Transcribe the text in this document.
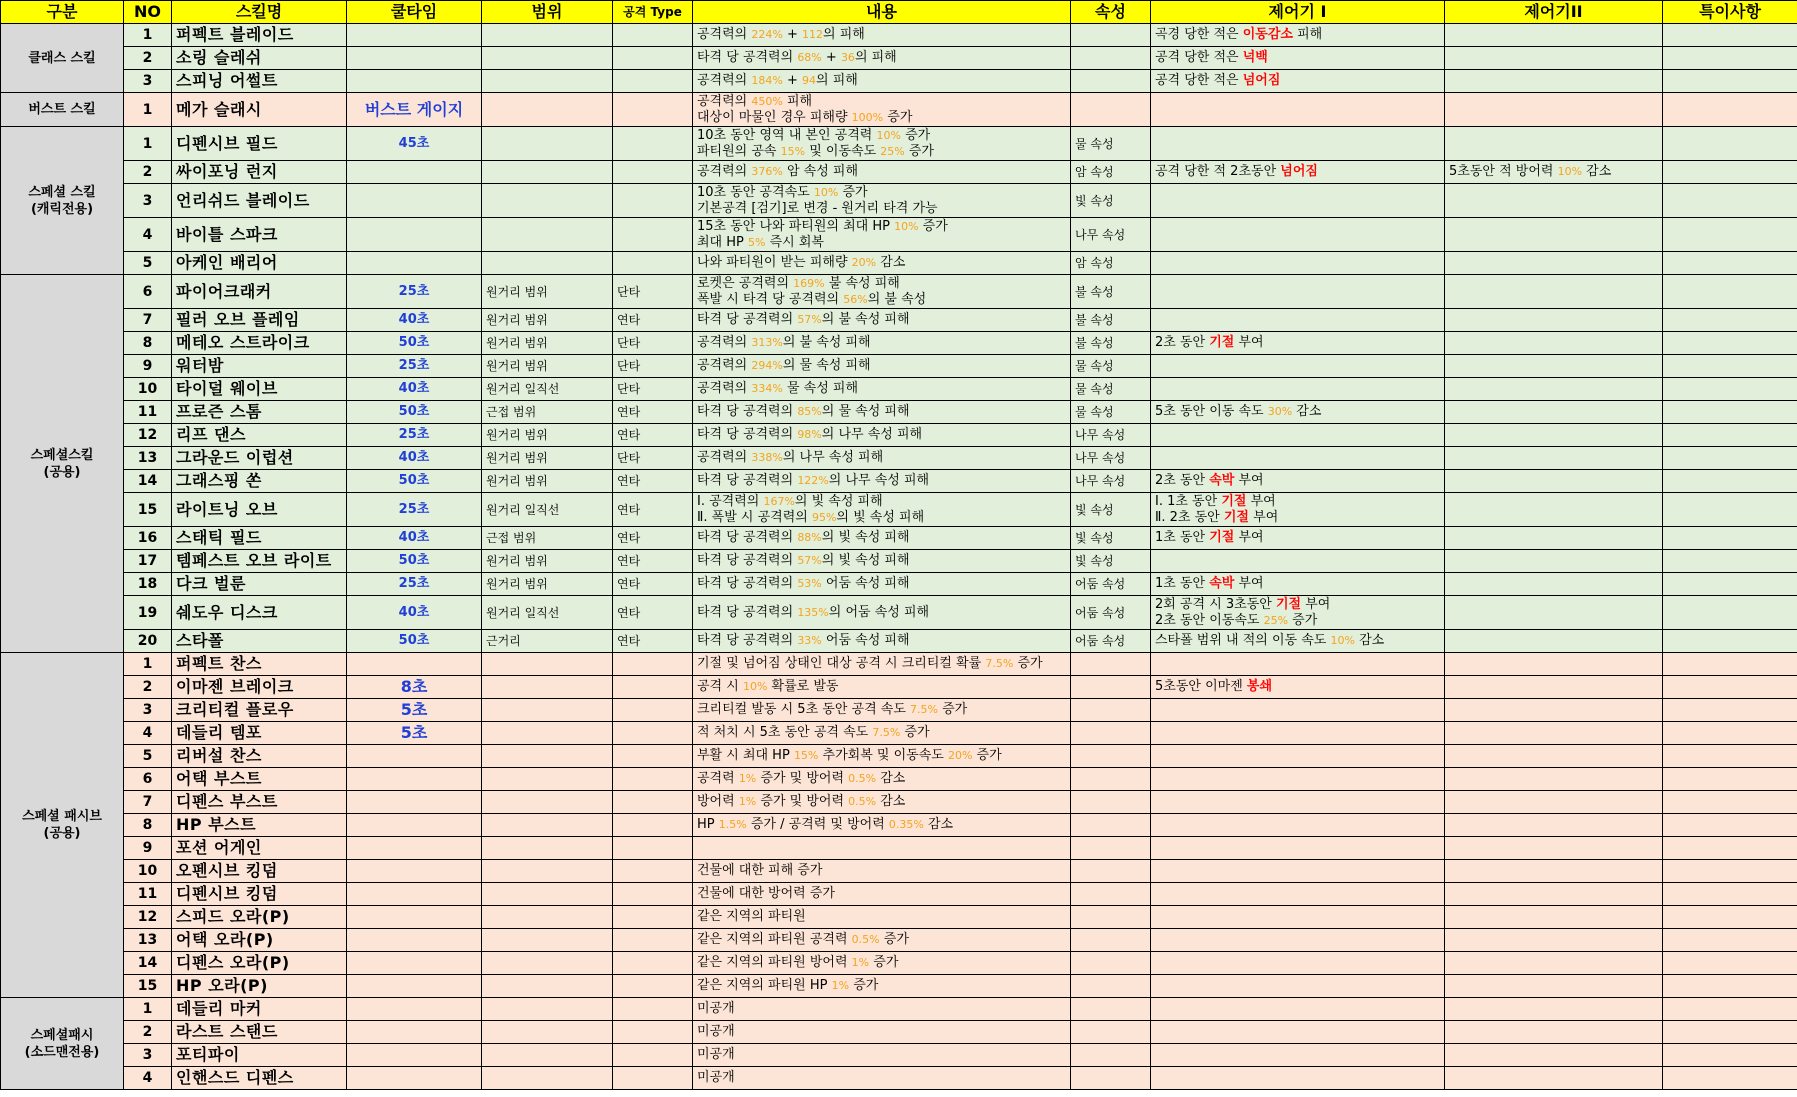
구분	NO	스킬명	쿨타임	범위	공격 Type	내용	속성	제어기 I	제어기II	특이사항
클래스 스킬	1	퍼펙트 블레이드				공격력의 224% + 112의 피해		곡경 당한 적은 이동감소 피해		

	2	소링 슬레쉬				타격 당 공격력의 68% + 36의 피해		공격 당한 적은 넉백		

	3	스피닝 어썰트				공격력의 184% + 94의 피해		공격 당한 적은 넘어짐		

버스트 스킬	1	메가 슬래시	버스트 게이지			공격력의 450% 피해
대상이 마물인 경우 피해량 100% 증가				

스페셜 스킬
(캐릭전용)	1	디펜시브 필드	45초			10초 동안 영역 내 본인 공격력 10% 증가
파티원의 공속 15% 및 이동속도 25% 증가	물 속성			
	2	싸이포닝 런지				공격력의 376% 암 속성 피해	암 속성	공격 당한 적 2초동안 넘어짐	5초동안 적 방어력 10% 감소	

	3	언리쉬드 블레이드				10초 동안 공격속도 10% 증가
기본공격 [검기]로 변경 - 원거리 타격 가능	빛 속성			
	4	바이틀 스파크				15초 동안 나와 파티원의 최대 HP 10% 증가
최대 HP 5% 즉시 회복	나무 속성			
	5	아케인 배리어				나와 파티원이 받는 피해량 20% 감소	암 속성			
스페셜스킬
(공용)	6	파이어크래커	25초	원거리 범위	단타	로켓은 공격력의 169% 불 속성 피해
폭발 시 타격 당 공격력의 56%의 불 속성	불 속성			
	7	필러 오브 플레임	40초	원거리 범위	연타	타격 당 공격력의 57%의 불 속성 피해	불 속성			
	8	메테오 스트라이크	50초	원거리 범위	단타	공격력의 313%의 불 속성 피해	불 속성	2초 동안 기절 부여		

	9	워터밤	25초	원거리 범위	단타	공격력의 294%의 물 속성 피해	물 속성			
	10	타이덜 웨이브	40초	원거리 일직선	단타	공격력의 334% 물 속성 피해	물 속성			
	11	프로즌 스톰	50초	근접 범위	연타	타격 당 공격력의 85%의 물 속성 피해	물 속성	5초 동안 이동 속도 30% 감소		

	12	리프 댄스	25초	원거리 범위	연타	타격 당 공격력의 98%의 나무 속성 피해	나무 속성			
	13	그라운드 이럽션	40초	원거리 범위	단타	공격력의 338%의 나무 속성 피해	나무 속성			
	14	그래스핑 쏜	50초	원거리 범위	연타	타격 당 공격력의 122%의 나무 속성 피해	나무 속성	2초 동안 속박 부여		

	15	라이트닝 오브	25초	원거리 일직선	연타	Ⅰ. 공격력의 167%의 빛 속성 피해
Ⅱ. 폭발 시 공격력의 95%의 빛 속성 피해	빛 속성	Ⅰ. 1초 동안 기절 부여
Ⅱ. 2초 동안 기절 부여		

	16	스태틱 필드	40초	근접 범위	연타	타격 당 공격력의 88%의 빛 속성 피해	빛 속성	1초 동안 기절 부여		

	17	템페스트 오브 라이트	50초	원거리 범위	연타	타격 당 공격력의 57%의 빛 속성 피해	빛 속성			
	18	다크 벌룬	25초	원거리 범위	연타	타격 당 공격력의 53% 어둠 속성 피해	어둠 속성	1초 동안 속박 부여		

	19	쉐도우 디스크	40초	원거리 일직선	연타	타격 당 공격력의 135%의 어둠 속성 피해	어둠 속성	2회 공격 시 3초동안 기절 부여
2초 동안 이동속도 25% 증가		

	20	스타폴	50초	근거리	연타	타격 당 공격력의 33% 어둠 속성 피해	어둠 속성	스타폴 범위 내 적의 이동 속도 10% 감소		

스페셜 패시브
(공용)	1	퍼펙트 찬스				기절 및 넘어짐 상태인 대상 공격 시 크리티컬 확률 7.5% 증가				

	2	이마젠 브레이크	8초			공격 시 10% 확률로 발동		5초동안 이마젠 봉쇄		

	3	크리티컬 플로우	5초			크리티컬 발동 시 5초 동안 공격 속도 7.5% 증가				

	4	데들리 템포	5초			적 처치 시 5초 동안 공격 속도 7.5% 증가				

	5	리버설 찬스				부활 시 최대 HP 15% 추가회복 및 이동속도 20% 증가				

	6	어택 부스트				공격력 1% 증가 및 방어력 0.5% 감소				

	7	디펜스 부스트				방어력 1% 증가 및 방어력 0.5% 감소				

	8	HP 부스트				HP 1.5% 증가 / 공격력 및 방어력 0.35% 감소				

	9	포션 어게인								
	10	오펜시브 킹덤				건물에 대한 피해 증가				

	11	디펜시브 킹덤				건물에 대한 방어력 증가				

	12	스피드 오라(P)				같은 지역의 파티원				

	13	어택 오라(P)				같은 지역의 파티원 공격력 0.5% 증가				

	14	디펜스 오라(P)				같은 지역의 파티원 방어력 1% 증가				

	15	HP 오라(P)				같은 지역의 파티원 HP 1% 증가				

스페셜패시
(소드맨전용)	1	데들리 마커				미공개				

	2	라스트 스탠드				미공개				

	3	포티파이				미공개				

	4	인핸스드 디펜스				미공개				
